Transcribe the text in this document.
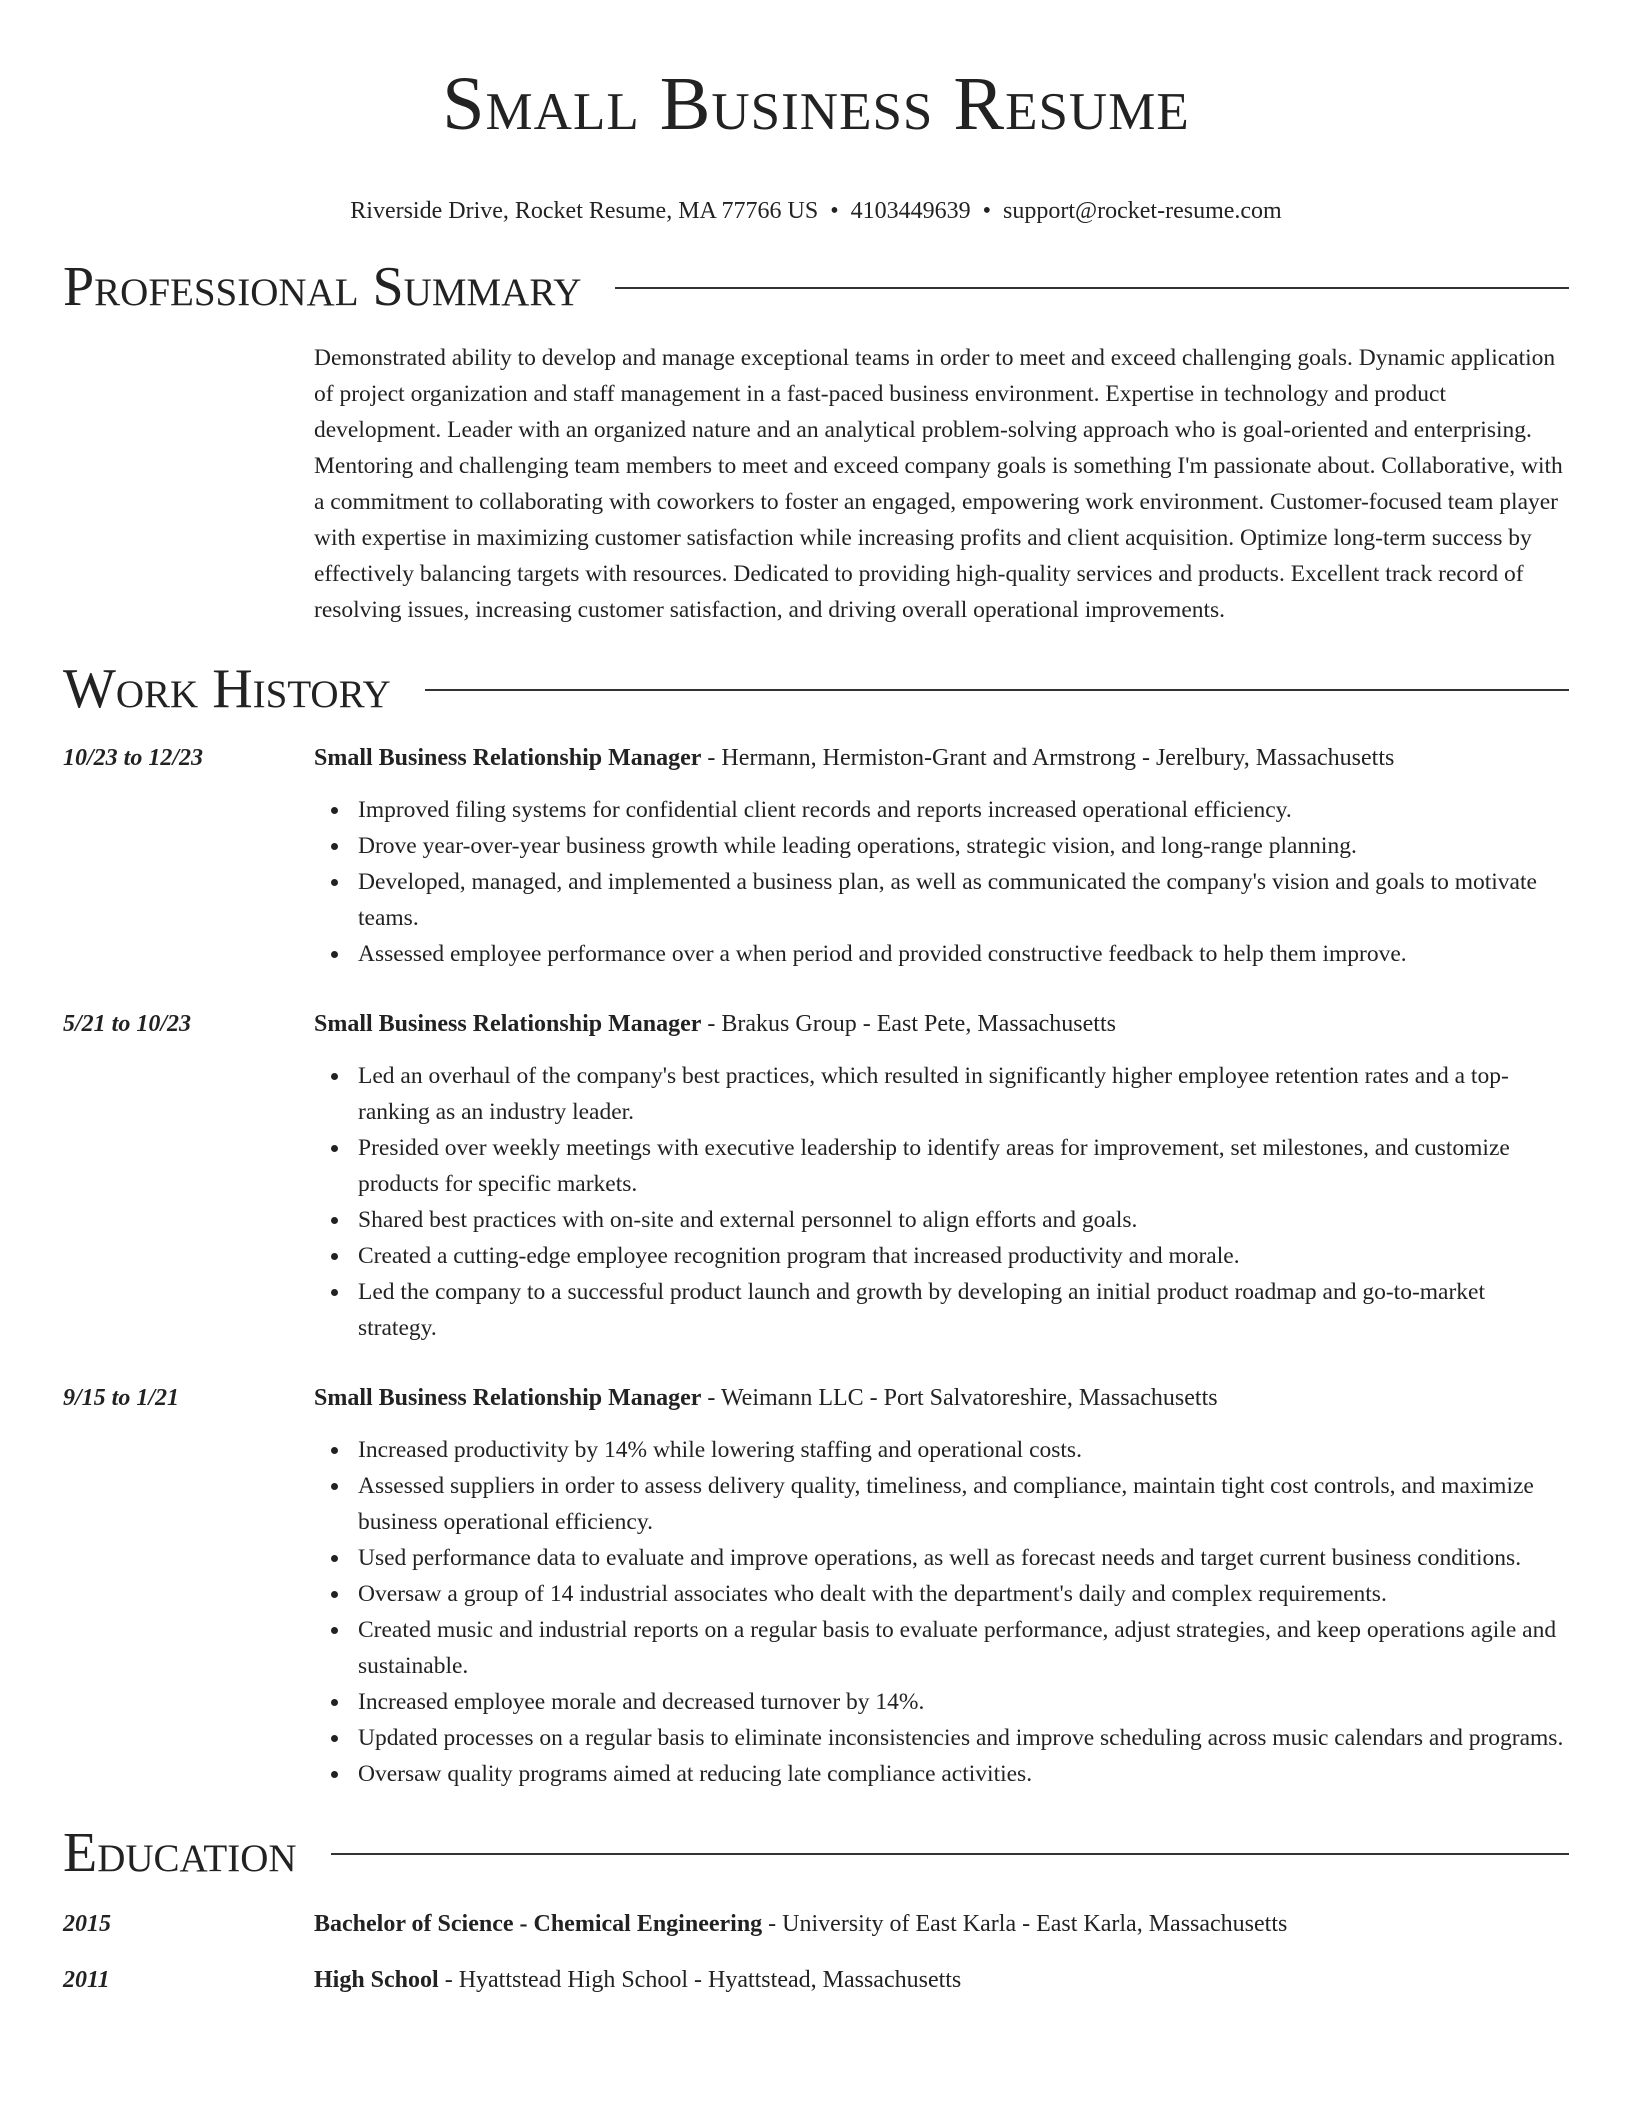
Small Business Resume
Riverside Drive, Rocket Resume, MA 77766 US • 4103449639 • support@rocket-resume.com
Professional Summary

Demonstrated ability to develop and manage exceptional teams in order to meet and exceed challenging goals. Dynamic application of project organization and staff management in a fast-paced business environment. Expertise in technology and product development. Leader with an organized nature and an analytical problem-solving approach who is goal-oriented and enterprising. Mentoring and challenging team members to meet and exceed company goals is something I'm passionate about. Collaborative, with a commitment to collaborating with coworkers to foster an engaged, empowering work environment. Customer-focused team player with expertise in maximizing customer satisfaction while increasing profits and client acquisition. Optimize long-term success by effectively balancing targets with resources. Dedicated to providing high-quality services and products. Excellent track record of resolving issues, increasing customer satisfaction, and driving overall operational improvements.

Work History
10/23 to 12/23	Small Business Relationship Manager - Hermann, Hermiston-Grant and Armstrong - Jerelbury, Massachusetts
Improved filing systems for confidential client records and reports increased operational efficiency.
Drove year-over-year business growth while leading operations, strategic vision, and long-range planning.
Developed, managed, and implemented a business plan, as well as communicated the company's vision and goals to motivate teams.
Assessed employee performance over a when period and provided constructive feedback to help them improve.
5/21 to 10/23	Small Business Relationship Manager - Brakus Group - East Pete, Massachusetts
Led an overhaul of the company's best practices, which resulted in significantly higher employee retention rates and a top-ranking as an industry leader.
Presided over weekly meetings with executive leadership to identify areas for improvement, set milestones, and customize products for specific markets.
Shared best practices with on-site and external personnel to align efforts and goals.
Created a cutting-edge employee recognition program that increased productivity and morale.
Led the company to a successful product launch and growth by developing an initial product roadmap and go-to-market strategy.
9/15 to 1/21	Small Business Relationship Manager - Weimann LLC - Port Salvatoreshire, Massachusetts
Increased productivity by 14% while lowering staffing and operational costs.
Assessed suppliers in order to assess delivery quality, timeliness, and compliance, maintain tight cost controls, and maximize business operational efficiency.
Used performance data to evaluate and improve operations, as well as forecast needs and target current business conditions.
Oversaw a group of 14 industrial associates who dealt with the department's daily and complex requirements.
Created music and industrial reports on a regular basis to evaluate performance, adjust strategies, and keep operations agile and sustainable.
Increased employee morale and decreased turnover by 14%.
Updated processes on a regular basis to eliminate inconsistencies and improve scheduling across music calendars and programs.
Oversaw quality programs aimed at reducing late compliance activities.
Education
2015	Bachelor of Science - Chemical Engineering - University of East Karla - East Karla, Massachusetts
2011	High School - Hyattstead High School - Hyattstead, Massachusetts
